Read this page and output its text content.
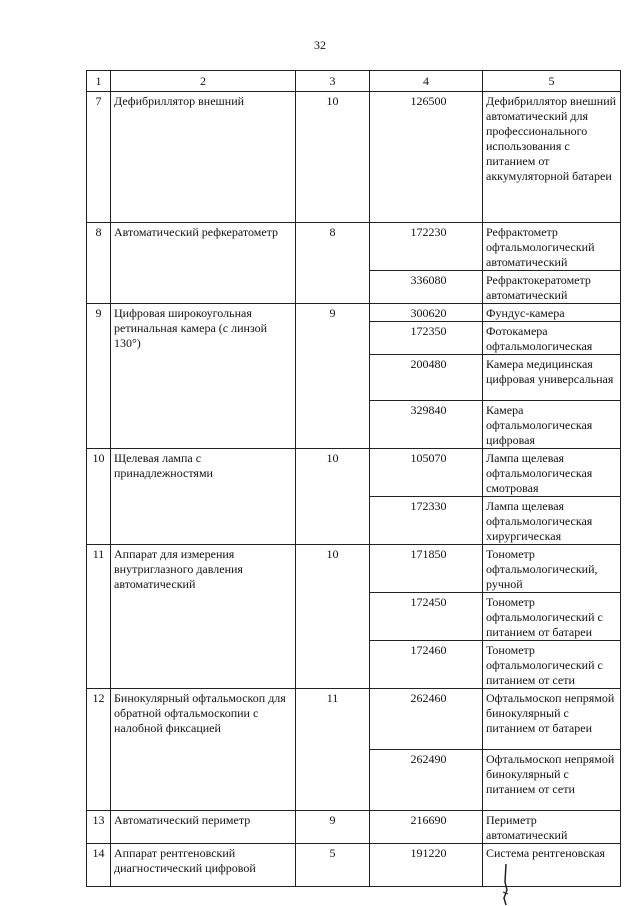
32
1	2	3	4	5
7	Дефибриллятор внешний	10	126500	Дефибриллятор внешний автоматический для профессионального использования с питанием от аккумуляторной батареи
8	Автоматический рефкератометр	8	172230	Рефрактометр офтальмологический автоматический
			336080	Рефрактокератометр автоматический
9	Цифровая широкоугольная ретинальная камера (с линзой 130°)	9	300620	Фундус-камера
			172350	Фотокамера офтальмологическая
			200480	Камера медицинская цифровая универсальная
			329840	Камера офтальмологическая цифровая
10	Щелевая лампа с принадлежностями	10	105070	Лампа щелевая офтальмологическая смотровая
			172330	Лампа щелевая офтальмологическая хирургическая
11	Аппарат для измерения внутриглазного давления автоматический	10	171850	Тонометр офтальмологический, ручной
			172450	Тонометр офтальмологический с питанием от батареи
			172460	Тонометр офтальмологический с питанием от сети
12	Бинокулярный офтальмоскоп для обратной офтальмоскопии с налобной фиксацией	11	262460	Офтальмоскоп непрямой бинокулярный с питанием от батареи
			262490	Офтальмоскоп непрямой бинокулярный с питанием от сети
13	Автоматический периметр	9	216690	Периметр автоматический
14	Аппарат рентгеновский диагностический цифровой	5	191220	Система рентгеновская
